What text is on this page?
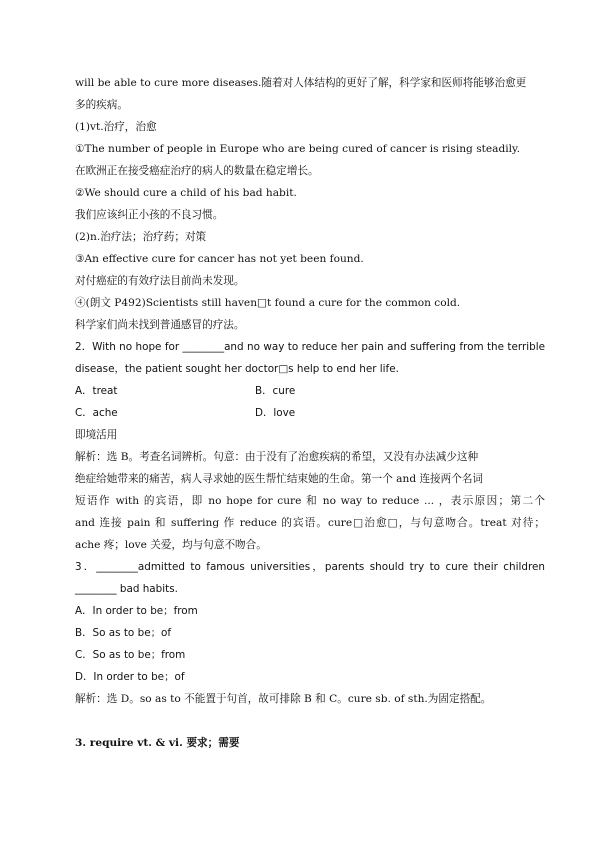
will be able to cure more diseases.随着对人体结构的更好了解，科学家和医师将能够治愈更
多的疾病。
(1)vt.治疗，治愈
①The number of people in Europe who are being cured of cancer is rising steadily.
在欧洲正在接受癌症治疗的病人的数量在稳定增长。
②We should cure a child of his bad habit.
我们应该纠正小孩的不良习惯。
(2)n.治疗法；治疗药；对策
③An effective cure for cancer has not yet been found.
对付癌症的有效疗法目前尚未发现。
④(朗文 P492)Scientists still haven□t found a cure for the common cold.
科学家们尚未找到普通感冒的疗法。
2．With no hope for ________and no way to reduce her pain and suffering from the terrible
disease，the patient sought her doctor□s help to end her life.
A．treat	B．cure
C．ache	D．love
即境活用
解析：选 B。考查名词辨析。句意：由于没有了治愈疾病的希望，又没有办法减少这种
绝症给她带来的痛苦，病人寻求她的医生帮忙结束她的生命。第一个 and 连接两个名词
短语作 with 的宾语，即 no hope for cure 和 no way to reduce ... ，表示原因；第二个
and 连接 pain 和 suffering 作 reduce 的宾语。cure□治愈□，与句意吻合。treat 对待；
ache 疼；love 关爱，均与句意不吻合。
3．________admitted to famous universities，parents should try to cure their children
________ bad habits.
A．In order to be；from
B．So as to be；of
C．So as to be；from
D．In order to be；of
解析：选 D。so as to 不能置于句首，故可排除 B 和 C。cure sb. of sth.为固定搭配。
3. require vt. & vi. 要求；需要
